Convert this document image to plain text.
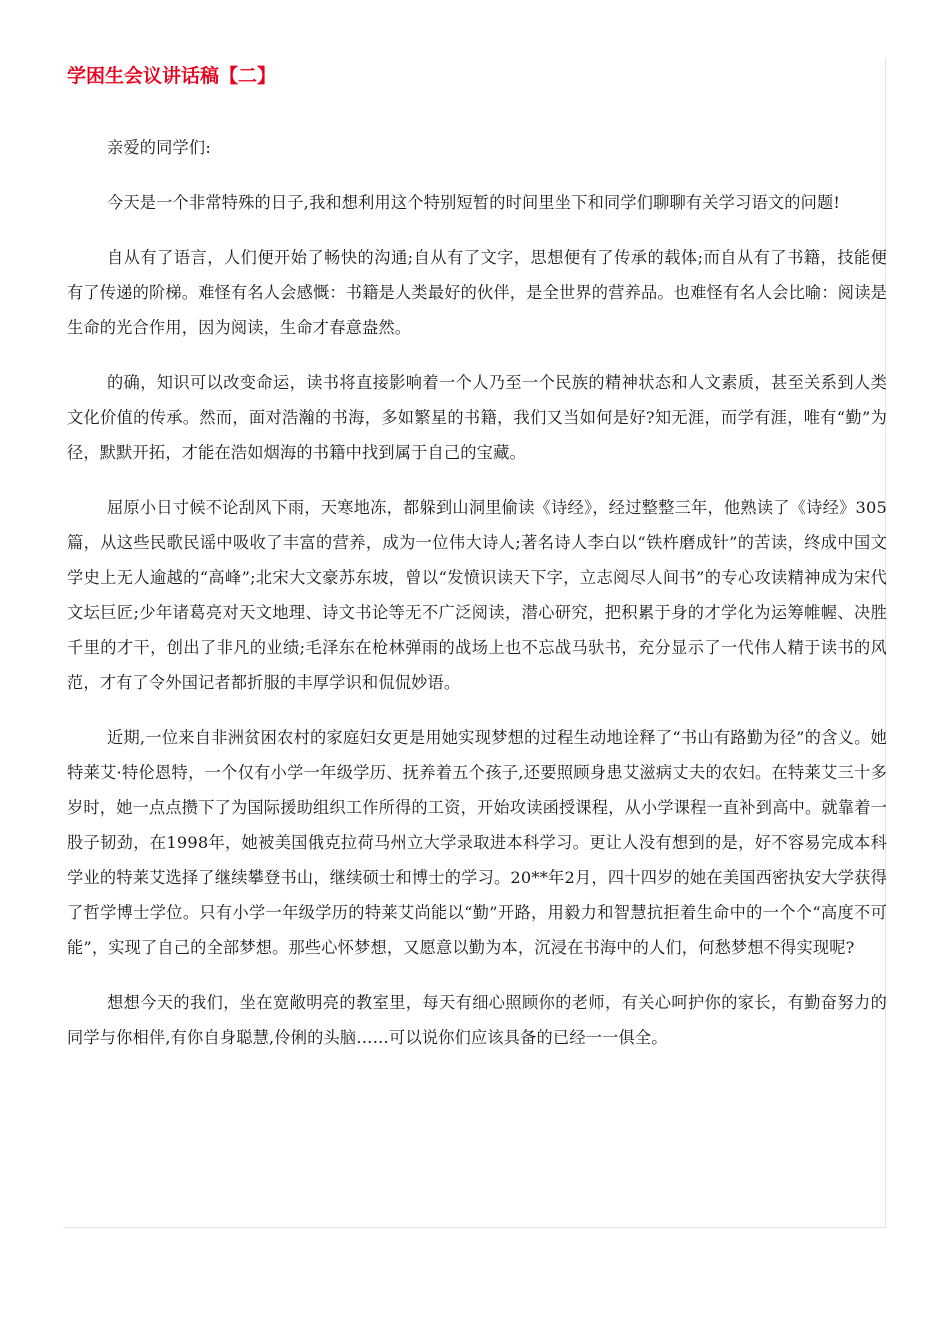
学困生会议讲话稿【二】

亲爱的同学们:

今天是一个非常特殊的日子,我和想利用这个特别短暂的时间里坐下和同学们聊聊有关学习语文的问题!

自从有了语言，人们便开始了畅快的沟通;自从有了文字，思想便有了传承的载体;而自从有了书籍，技能便有了传递的阶梯。难怪有名人会感慨：书籍是人类最好的伙伴，是全世界的营养品。也难怪有名人会比喻：阅读是生命的光合作用，因为阅读，生命才春意盎然。

的确，知识可以改变命运，读书将直接影响着一个人乃至一个民族的精神状态和人文素质，甚至关系到人类文化价值的传承。然而，面对浩瀚的书海，多如繁星的书籍，我们又当如何是好?知无涯，而学有涯，唯有“勤”为径，默默开拓，才能在浩如烟海的书籍中找到属于自己的宝藏。

屈原小日寸候不论刮风下雨，天寒地冻，都躲到山洞里偷读《诗经》，经过整整三年，他熟读了《诗经》305篇，从这些民歌民谣中吸收了丰富的营养，成为一位伟大诗人;著名诗人李白以“铁杵磨成针”的苦读，终成中国文学史上无人逾越的“高峰”;北宋大文豪苏东坡，曾以“发愤识读天下字，立志阅尽人间书”的专心攻读精神成为宋代文坛巨匠;少年诸葛亮对天文地理、诗文书论等无不广泛阅读，潜心研究，把积累于身的才学化为运筹帷幄、决胜千里的才干，创出了非凡的业绩;毛泽东在枪林弹雨的战场上也不忘战马驮书，充分显示了一代伟人精于读书的风范，才有了令外国记者都折服的丰厚学识和侃侃妙语。

近期,一位来自非洲贫困农村的家庭妇女更是用她实现梦想的过程生动地诠释了“书山有路勤为径”的含义。她特莱艾·特伦恩特，一个仅有小学一年级学历、抚养着五个孩子,还要照顾身患艾滋病丈夫的农妇。在特莱艾三十多岁时，她一点点攒下了为国际援助组织工作所得的工资，开始攻读函授课程，从小学课程一直补到高中。就靠着一股子韧劲，在1998年，她被美国俄克拉荷马州立大学录取进本科学习。更让人没有想到的是，好不容易完成本科学业的特莱艾选择了继续攀登书山，继续硕士和博士的学习。20**年2月，四十四岁的她在美国西密执安大学获得了哲学博士学位。只有小学一年级学历的特莱艾尚能以“勤”开路，用毅力和智慧抗拒着生命中的一个个“高度不可能”，实现了自己的全部梦想。那些心怀梦想，又愿意以勤为本，沉浸在书海中的人们，何愁梦想不得实现呢?

想想今天的我们，坐在宽敞明亮的教室里，每天有细心照顾你的老师，有关心呵护你的家长，有勤奋努力的同学与你相伴,有你自身聪慧,伶俐的头脑……可以说你们应该具备的已经一一俱全。
